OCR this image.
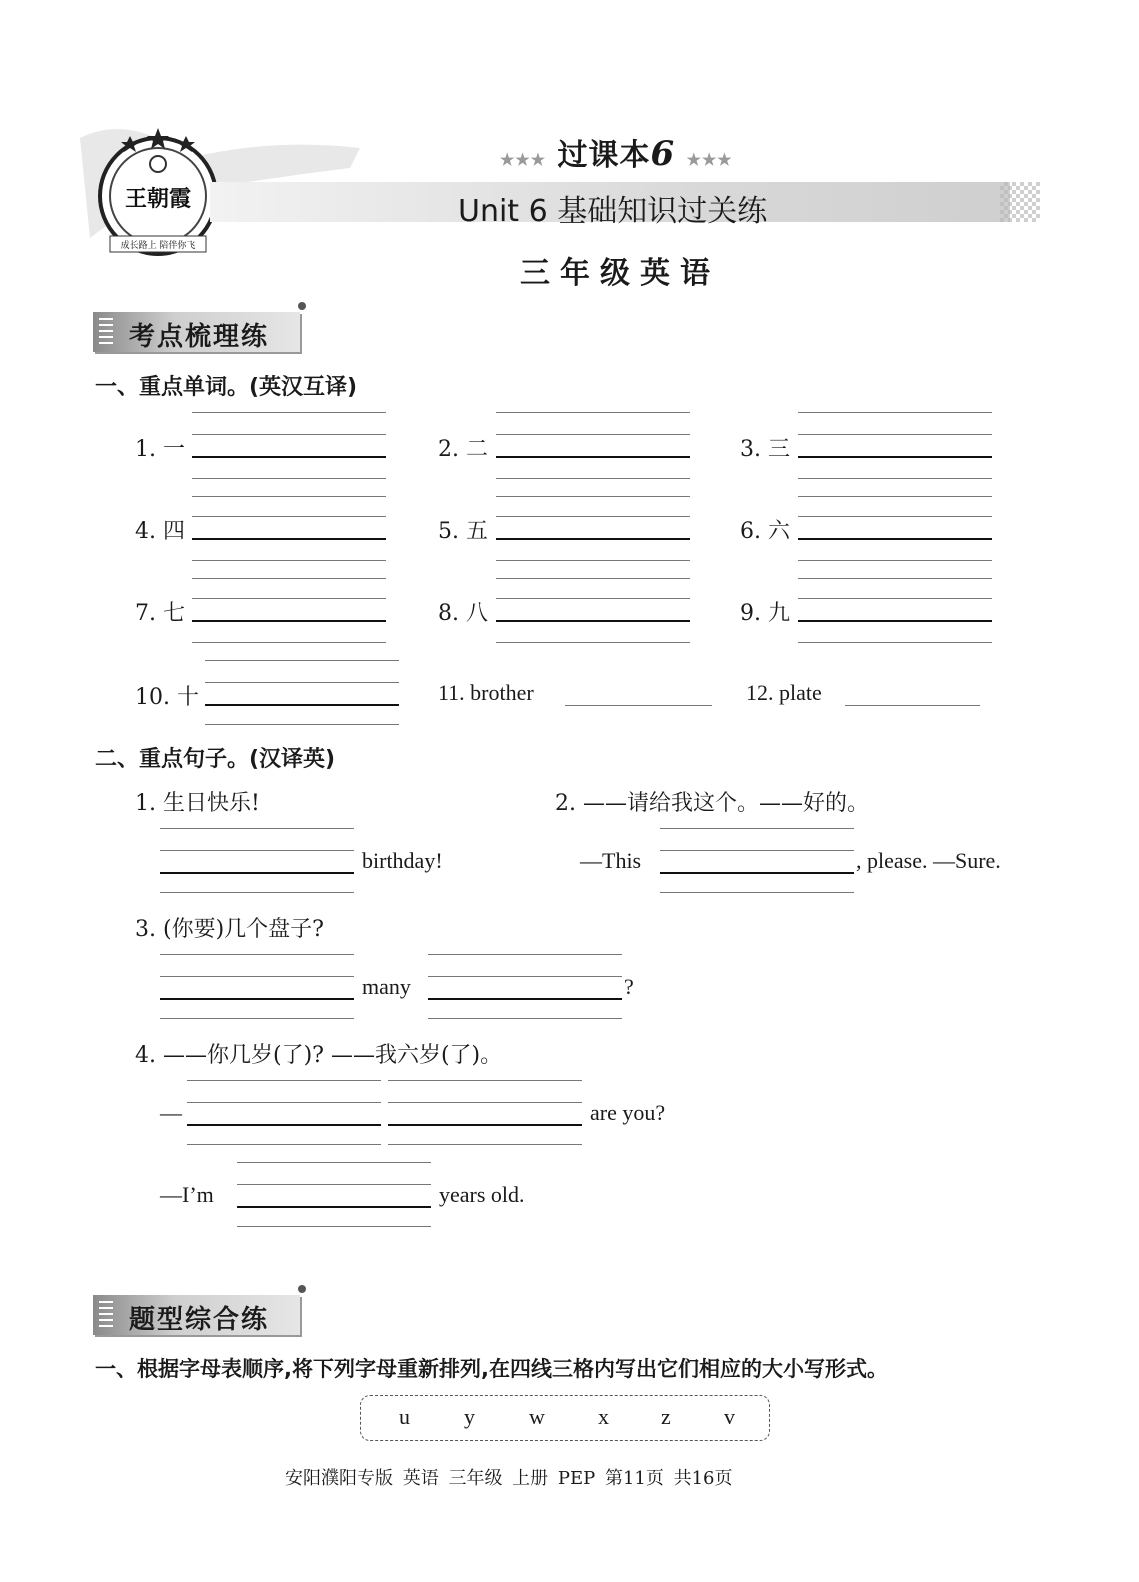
王朝霞
成长路上 陪伴你飞
★★★ 过课本6 ★★★
Unit 6 基础知识过关练
三年级英语
考点梳理练
一、重点单词。(英汉互译)
1. 一	2. 二	3. 三
4. 四	5. 五	6. 六
7. 七	8. 八	9. 九
10. 十	11. brother	12. plate
二、重点句子。(汉译英)
1. 生日快乐!	2. ——请给我这个。——好的。
birthday!	—This	, please. —Sure.
3. (你要)几个盘子?
many	?
4. ——你几岁(了)? ——我六岁(了)。
—	are you?
—I’m	years old.
题型综合练
一、根据字母表顺序,将下列字母重新排列,在四线三格内写出它们相应的大小写形式。
u y w x z v
安阳濮阳专版 英语 三年级 上册 PEP 第11页 共16页
